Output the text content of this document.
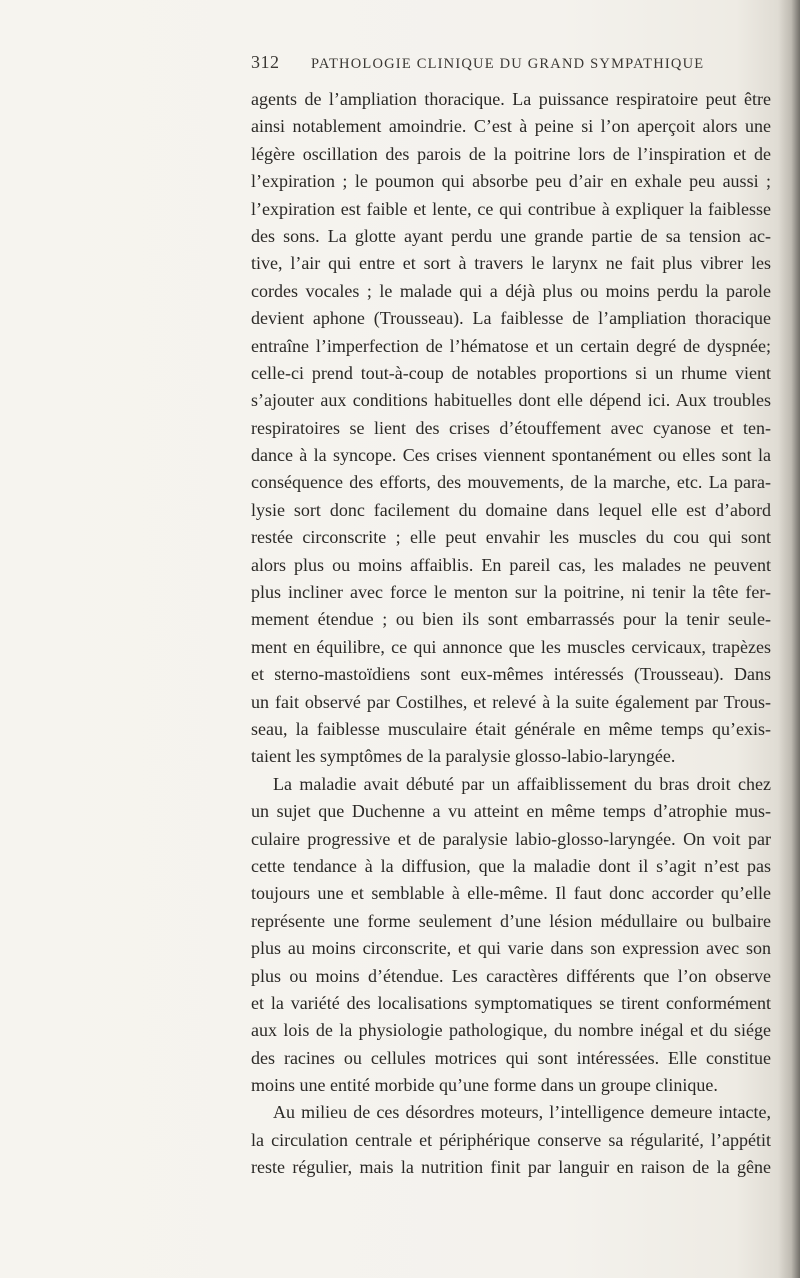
312 PATHOLOGIE CLINIQUE DU GRAND SYMPATHIQUE
agents de l’ampliation thoracique. La puissance respiratoire peut être
ainsi notablement amoindrie. C’est à peine si l’on aperçoit alors une
légère oscillation des parois de la poitrine lors de l’inspiration et de
l’expiration ; le poumon qui absorbe peu d’air en exhale peu aussi ;
l’expiration est faible et lente, ce qui contribue à expliquer la faiblesse
des sons. La glotte ayant perdu une grande partie de sa tension ac-
tive, l’air qui entre et sort à travers le larynx ne fait plus vibrer les
cordes vocales ; le malade qui a déjà plus ou moins perdu la parole
devient aphone (Trousseau). La faiblesse de l’ampliation thoracique
entraîne l’imperfection de l’hématose et un certain degré de dyspnée;
celle-ci prend tout-à-coup de notables proportions si un rhume vient
s’ajouter aux conditions habituelles dont elle dépend ici. Aux troubles
respiratoires se lient des crises d’étouffement avec cyanose et ten-
dance à la syncope. Ces crises viennent spontanément ou elles sont la
conséquence des efforts, des mouvements, de la marche, etc. La para-
lysie sort donc facilement du domaine dans lequel elle est d’abord
restée circonscrite ; elle peut envahir les muscles du cou qui sont
alors plus ou moins affaiblis. En pareil cas, les malades ne peuvent
plus incliner avec force le menton sur la poitrine, ni tenir la tête fer-
mement étendue ; ou bien ils sont embarrassés pour la tenir seule-
ment en équilibre, ce qui annonce que les muscles cervicaux, trapèzes
et sterno-mastoïdiens sont eux-mêmes intéressés (Trousseau). Dans
un fait observé par Costilhes, et relevé à la suite également par Trous-
seau, la faiblesse musculaire était générale en même temps qu’exis-
taient les symptômes de la paralysie glosso-labio-laryngée.
La maladie avait débuté par un affaiblissement du bras droit chez
un sujet que Duchenne a vu atteint en même temps d’atrophie mus-
culaire progressive et de paralysie labio-glosso-laryngée. On voit par
cette tendance à la diffusion, que la maladie dont il s’agit n’est pas
toujours une et semblable à elle-même. Il faut donc accorder qu’elle
représente une forme seulement d’une lésion médullaire ou bulbaire
plus au moins circonscrite, et qui varie dans son expression avec son
plus ou moins d’étendue. Les caractères différents que l’on observe
et la variété des localisations symptomatiques se tirent conformément
aux lois de la physiologie pathologique, du nombre inégal et du siége
des racines ou cellules motrices qui sont intéressées. Elle constitue
moins une entité morbide qu’une forme dans un groupe clinique.
Au milieu de ces désordres moteurs, l’intelligence demeure intacte,
la circulation centrale et périphérique conserve sa régularité, l’appétit
reste régulier, mais la nutrition finit par languir en raison de la gêne
